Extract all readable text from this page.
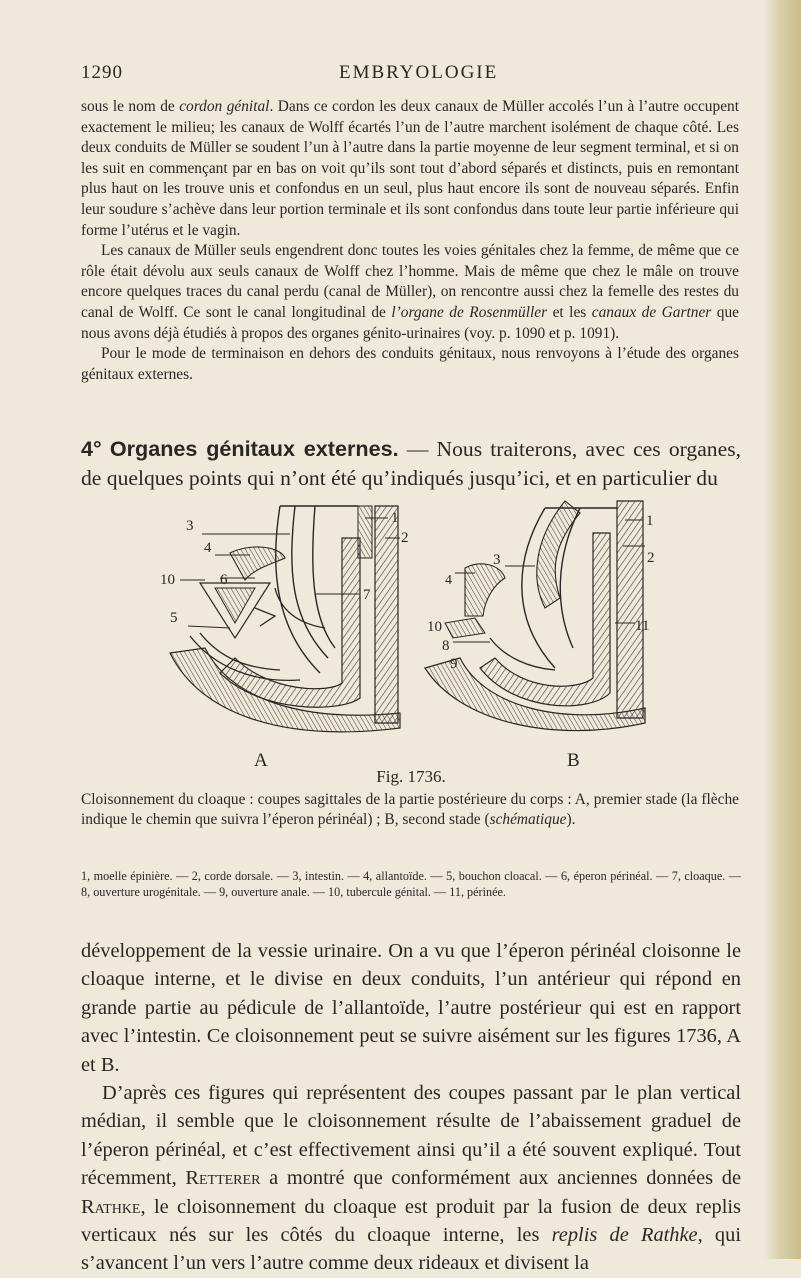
1290	EMBRYOLOGIE

sous le nom de cordon génital. Dans ce cordon les deux canaux de Müller accolés l’un à l’autre occupent exactement le milieu; les canaux de Wolff écartés l’un de l’autre marchent isolément de chaque côté. Les deux conduits de Müller se soudent l’un à l’autre dans la partie moyenne de leur segment terminal, et si on les suit en commençant par en bas on voit qu’ils sont tout d’abord séparés et distincts, puis en remontant plus haut on les trouve unis et confondus en un seul, plus haut encore ils sont de nouveau séparés. Enfin leur soudure s’achève dans leur portion terminale et ils sont confondus dans toute leur partie inférieure qui forme l’utérus et le vagin.

Les canaux de Müller seuls engendrent donc toutes les voies génitales chez la femme, de même que ce rôle était dévolu aux seuls canaux de Wolff chez l’homme. Mais de même que chez le mâle on trouve encore quelques traces du canal perdu (canal de Müller), on rencontre aussi chez la femelle des restes du canal de Wolff. Ce sont le canal longitudinal de l’organe de Rosenmüller et les canaux de Gartner que nous avons déjà étudiés à propos des organes génito-urinaires (voy. p. 1090 et p. 1091).

Pour le mode de terminaison en dehors des conduits génitaux, nous renvoyons à l’étude des organes génitaux externes.

4° Organes génitaux externes. — Nous traiterons, avec ces organes, de quelques points qui n’ont été qu’indiqués jusqu’ici, et en particulier du
3
4
10
5
6
1
2
7
3
4
10
8
9
1
2
11
A	B
Fig. 1736.
Cloisonnement du cloaque : coupes sagittales de la partie postérieure du corps : A, premier stade (la flèche indique le chemin que suivra l’éperon périnéal) ; B, second stade (schématique).
1, moelle épinière. — 2, corde dorsale. — 3, intestin. — 4, allantoïde. — 5, bouchon cloacal. — 6, éperon périnéal. — 7, cloaque. — 8, ouverture urogénitale. — 9, ouverture anale. — 10, tubercule génital. — 11, périnée.

développement de la vessie urinaire. On a vu que l’éperon périnéal cloisonne le cloaque interne, et le divise en deux conduits, l’un antérieur qui répond en grande partie au pédicule de l’allantoïde, l’autre postérieur qui est en rapport avec l’intestin. Ce cloisonnement peut se suivre aisément sur les figures 1736, A et B.

D’après ces figures qui représentent des coupes passant par le plan vertical médian, il semble que le cloisonnement résulte de l’abaissement graduel de l’éperon périnéal, et c’est effectivement ainsi qu’il a été souvent expliqué. Tout récemment, Retterer a montré que conformément aux anciennes données de Rathke, le cloisonnement du cloaque est produit par la fusion de deux replis verticaux nés sur les côtés du cloaque interne, les replis de Rathke, qui s’avancent l’un vers l’autre comme deux rideaux et divisent la
